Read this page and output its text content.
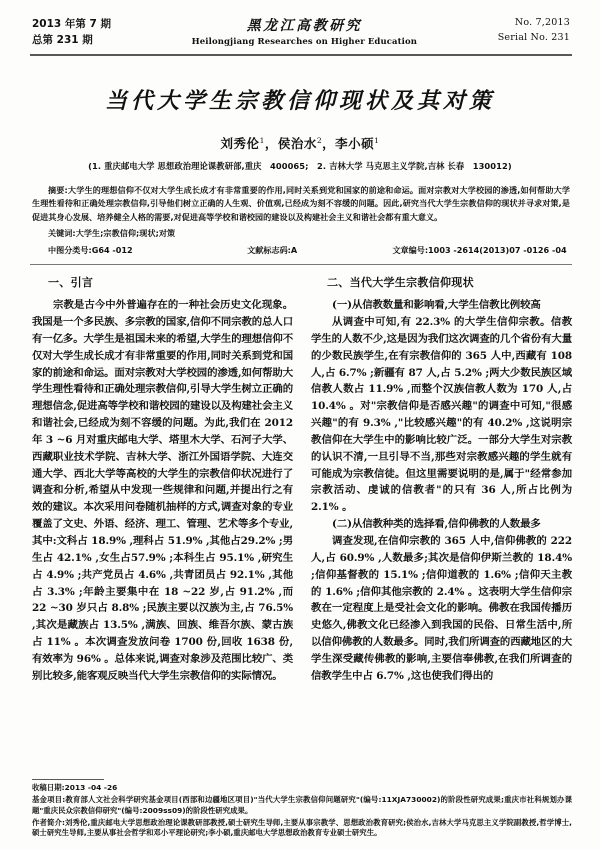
2013 年第 7 期
总第 231 期
黑龙江高教研究
Heilongjiang Researches on Higher Education
No. 7,2013
Serial No. 231
当代大学生宗教信仰现状及其对策
刘秀伦$^1$，侯治水$^2$，李小硕$^1$
(1. 重庆邮电大学 思想政治理论课教研部,重庆　400065;　2. 吉林大学 马克思主义学院,吉林 长春　130012)

摘要:大学生的理想信仰不仅对大学生成长成才有非常重要的作用,同时关系到党和国家的前途和命运。面对宗教对大学校园的渗透,如何帮助大学生理性看待和正确处理宗教信仰,引导他们树立正确的人生观、价值观,已经成为刻不容缓的问题。因此,研究当代大学生宗教信仰的现状并寻求对策,是促进其身心发展、培养健全人格的需要,对促进高等学校和谐校园的建设以及构建社会主义和谐社会都有重大意义。

关键词:大学生;宗教信仰;现状;对策
中图分类号:G64 -012	文献标志码:A	文章编号:1003 -2614(2013)07 -0126 -04
一、引言

宗教是古今中外普遍存在的一种社会历史文化现象。我国是一个多民族、多宗教的国家,信仰不同宗教的总人口有一亿多。大学生是祖国未来的希望,大学生的理想信仰不仅对大学生成长成才有非常重要的作用,同时关系到党和国家的前途和命运。面对宗教对大学校园的渗透,如何帮助大学生理性看待和正确处理宗教信仰,引导大学生树立正确的理想信念,促进高等学校和谐校园的建设以及构建社会主义和谐社会,已经成为刻不容缓的问题。为此,我们在 2012 年 3 ~6 月对重庆邮电大学、塔里木大学、石河子大学、西藏职业技术学院、吉林大学、浙江外国语学院、大连交通大学、西北大学等高校的大学生的宗教信仰状况进行了调查和分析,希望从中发现一些规律和问题,并提出行之有效的建议。本次采用问卷随机抽样的方式,调查对象的专业覆盖了文史、外语、经济、理工、管理、艺术等多个专业,其中:文科占 18.9% ,理科占 51.9% ,其他占29.2% ;男生占 42.1% ,女生占57.9% ;本科生占 95.1% ,研究生占 4.9% ;共产党员占 4.6% ,共青团员占 92.1% ,其他占 3.3% ;年龄主要集中在 18 ~22 岁,占 91.2% ,而 22 ~30 岁只占 8.8% ;民族主要以汉族为主,占 76.5% ,其次是藏族占 13.5% ,满族、回族、维吾尔族、蒙古族占 11% 。本次调查发放问卷 1700 份,回收 1638 份,有效率为 96% 。总体来说,调查对象涉及范围比较广、类别比较多,能客观反映当代大学生宗教信仰的实际情况。

二、当代大学生宗教信仰现状

(一)从信教数量和影响看,大学生信教比例较高

从调查中可知,有 22.3% 的大学生信仰宗教。信教学生的人数不少,这是因为我们这次调查的几个省份有大量的少数民族学生,在有宗教信仰的 365 人中,西藏有 108 人,占 6.7% ;新疆有 87 人,占 5.2% ;两大少数民族区域信教人数占 11.9% ,而整个汉族信教人数为 170 人,占 10.4% 。对"宗教信仰是否感兴趣"的调查中可知,"很感兴趣"的有 9.3% ,"比较感兴趣"的有 40.2% ,这说明宗教信仰在大学生中的影响比较广泛。一部分大学生对宗教的认识不清,一旦引导不当,那些对宗教感兴趣的学生就有可能成为宗教信徒。但这里需要说明的是,属于"经常参加宗教活动、虔诚的信教者"的只有 36 人,所占比例为 2.1% 。

(二)从信教种类的选择看,信仰佛教的人数最多

调查发现,在信仰宗教的 365 人中,信仰佛教的 222 人,占 60.9% ,人数最多;其次是信仰伊斯兰教的 18.4% ;信仰基督教的 15.1% ;信仰道教的 1.6% ;信仰天主教的 1.6% ;信仰其他宗教的 2.4% 。这表明大学生信仰宗教在一定程度上是受社会文化的影响。佛教在我国传播历史悠久,佛教文化已经渗入到我国的民俗、日常生活中,所以信仰佛教的人数最多。同时,我们所调查的西藏地区的大学生深受藏传佛教的影响,主要信奉佛教,在我们所调查的信教学生中占 6.7% ,这也使我们得出的

收稿日期:2013 -04 -26

基金项目:教育部人文社会科学研究基金项目(西部和边疆地区项目)"当代大学生宗教信仰问题研究"(编号:11XJA730002)的阶段性研究成果;重庆市社科规划办课题"重庆民众宗教信仰研究"(编号:2009ss09)的阶段性研究成果。

作者简介:刘秀伦,重庆邮电大学思想政治理论课教研部教授,硕士研究生导师,主要从事宗教学、思想政治教育研究;侯治水,吉林大学马克思主义学院副教授,哲学博士,硕士研究生导师,主要从事社会哲学和邓小平理论研究;李小硕,重庆邮电大学思想政治教育专业硕士研究生。
